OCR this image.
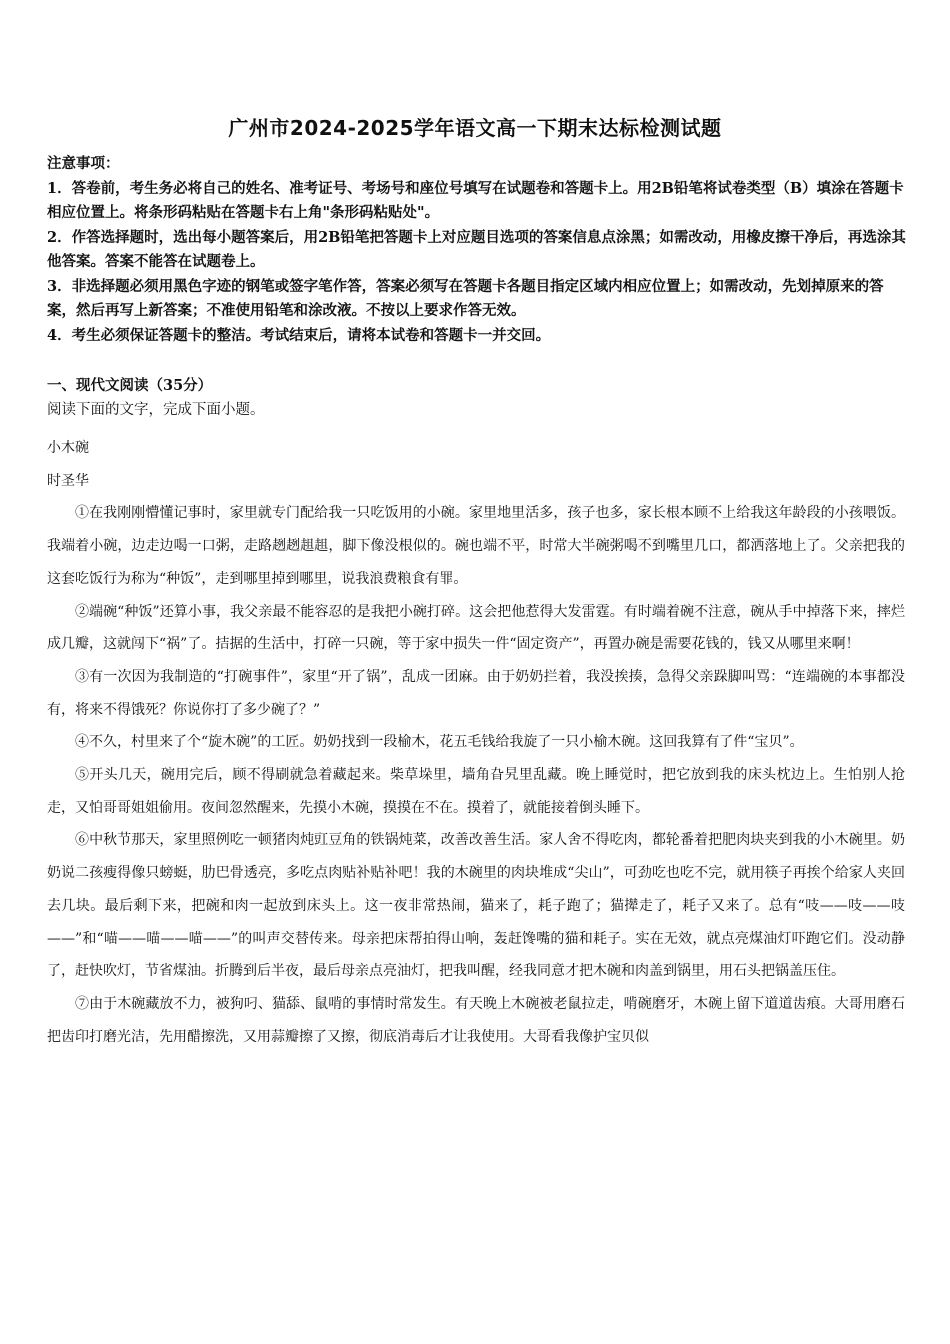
广州市2024-2025学年语文高一下期末达标检测试题
注意事项：

1．答卷前，考生务必将自己的姓名、准考证号、考场号和座位号填写在试题卷和答题卡上。用2B铅笔将试卷类型（B）填涂在答题卡相应位置上。将条形码粘贴在答题卡右上角"条形码粘贴处"。

2．作答选择题时，选出每小题答案后，用2B铅笔把答题卡上对应题目选项的答案信息点涂黑；如需改动，用橡皮擦干净后，再选涂其他答案。答案不能答在试题卷上。

3．非选择题必须用黑色字迹的钢笔或签字笔作答，答案必须写在答题卡各题目指定区域内相应位置上；如需改动，先划掉原来的答案，然后再写上新答案；不准使用铅笔和涂改液。不按以上要求作答无效。

4．考生必须保证答题卡的整洁。考试结束后，请将本试卷和答题卡一并交回。

一、现代文阅读（35分）
阅读下面的文字，完成下面小题。
小木碗
时圣华

①在我刚刚懵懂记事时，家里就专门配给我一只吃饭用的小碗。家里地里活多，孩子也多，家长根本顾不上给我这年龄段的小孩喂饭。我端着小碗，边走边喝一口粥，走路趔趔趄趄，脚下像没根似的。碗也端不平，时常大半碗粥喝不到嘴里几口，都洒落地上了。父亲把我的这套吃饭行为称为“种饭”，走到哪里掉到哪里，说我浪费粮食有罪。

②端碗“种饭”还算小事，我父亲最不能容忍的是我把小碗打碎。这会把他惹得大发雷霆。有时端着碗不注意，碗从手中掉落下来，摔烂成几瓣，这就闯下“祸”了。拮据的生活中，打碎一只碗，等于家中损失一件“固定资产”，再置办碗是需要花钱的，钱又从哪里来啊！

③有一次因为我制造的“打碗事件”，家里“开了锅”，乱成一团麻。由于奶奶拦着，我没挨揍，急得父亲跺脚叫骂：“连端碗的本事都没有，将来不得饿死？你说你打了多少碗了？”

④不久，村里来了个“旋木碗”的工匠。奶奶找到一段榆木，花五毛钱给我旋了一只小榆木碗。这回我算有了件“宝贝”。

⑤开头几天，碗用完后，顾不得刷就急着藏起来。柴草垛里，墙角旮旯里乱藏。晚上睡觉时，把它放到我的床头枕边上。生怕别人抢走，又怕哥哥姐姐偷用。夜间忽然醒来，先摸小木碗，摸摸在不在。摸着了，就能接着倒头睡下。

⑥中秋节那天，家里照例吃一顿猪肉炖豇豆角的铁锅炖菜，改善改善生活。家人舍不得吃肉，都轮番着把肥肉块夹到我的小木碗里。奶奶说二孩瘦得像只螃蜓，肋巴骨透亮，多吃点肉贴补贴补吧！我的木碗里的肉块堆成“尖山”，可劲吃也吃不完，就用筷子再挨个给家人夹回去几块。最后剩下来，把碗和肉一起放到床头上。这一夜非常热闹，猫来了，耗子跑了；猫撵走了，耗子又来了。总有“吱——吱——吱——”和“喵——喵——喵——”的叫声交替传来。母亲把床帮拍得山响，轰赶馋嘴的猫和耗子。实在无效，就点亮煤油灯吓跑它们。没动静了，赶快吹灯，节省煤油。折腾到后半夜，最后母亲点亮油灯，把我叫醒，经我同意才把木碗和肉盖到锅里，用石头把锅盖压住。

⑦由于木碗藏放不力，被狗叼、猫舔、鼠啃的事情时常发生。有天晚上木碗被老鼠拉走，啃碗磨牙，木碗上留下道道齿痕。大哥用磨石把齿印打磨光洁，先用醋擦洗，又用蒜瓣擦了又擦，彻底消毒后才让我使用。大哥看我像护宝贝似
